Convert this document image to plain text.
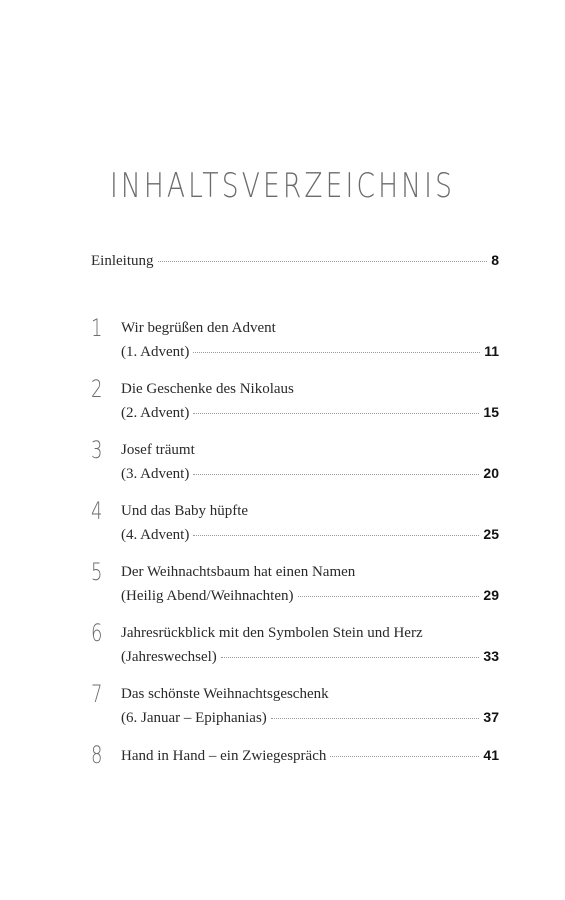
INHALTSVERZEICHNIS
Einleitung	8
1 Wir begrüßen den Advent
(1. Advent)	11
2 Die Geschenke des Nikolaus
(2. Advent)	15
3 Josef träumt
(3. Advent)	20
4 Und das Baby hüpfte
(4. Advent)	25
5 Der Weihnachtsbaum hat einen Namen
(Heilig Abend/Weihnachten)	29
6 Jahresrückblick mit den Symbolen Stein und Herz
(Jahreswechsel)	33
7 Das schönste Weihnachtsgeschenk
(6. Januar – Epiphanias)	37
8 Hand in Hand – ein Zwiegespräch	41
